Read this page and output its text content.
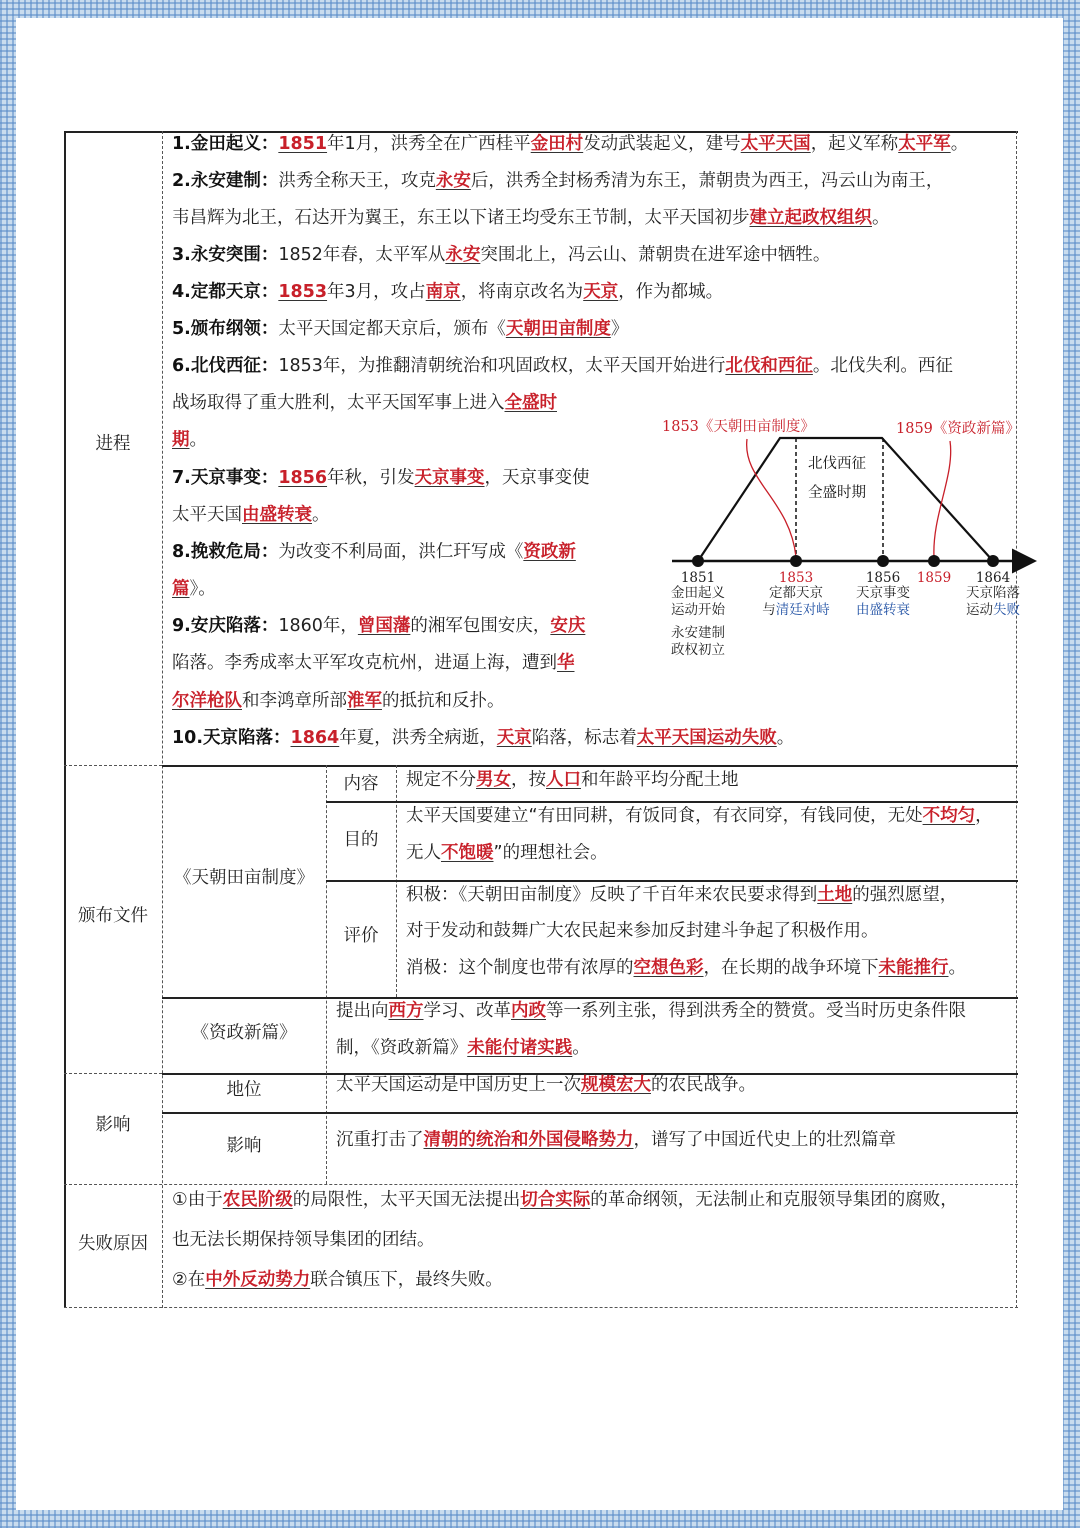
进程
颁布文件
影响
失败原因
1.金田起义：1851年1月，洪秀全在广西桂平金田村发动武装起义，建号太平天国，起义军称太平军。
2.永安建制：洪秀全称天王，攻克永安后，洪秀全封杨秀清为东王，萧朝贵为西王，冯云山为南王，
韦昌辉为北王，石达开为翼王，东王以下诸王均受东王节制，太平天国初步建立起政权组织。
3.永安突围：1852年春，太平军从永安突围北上，冯云山、萧朝贵在进军途中牺牲。
4.定都天京：1853年3月，攻占南京，将南京改名为天京，作为都城。
5.颁布纲领：太平天国定都天京后，颁布《天朝田亩制度》
6.北伐西征：1853年，为推翻清朝统治和巩固政权，太平天国开始进行北伐和西征。北伐失利。西征
战场取得了重大胜利，太平天国军事上进入全盛时
期。
7.天京事变：1856年秋，引发天京事变，天京事变使
太平天国由盛转衰。
8.挽救危局：为改变不利局面，洪仁玕写成《资政新
篇》。
9.安庆陷落：1860年，曾国藩的湘军包围安庆，安庆
陷落。李秀成率太平军攻克杭州，进逼上海，遭到华
尔洋枪队和李鸿章所部淮军的抵抗和反扑。
10.天京陷落：1864年夏，洪秀全病逝，天京陷落，标志着太平天国运动失败。
《天朝田亩制度》
《资政新篇》
内容
目的
评价
规定不分男女，按人口和年龄平均分配土地
太平天国要建立“有田同耕，有饭同食，有衣同穿，有钱同使，无处不均匀，
无人不饱暖”的理想社会。
积极：《天朝田亩制度》反映了千百年来农民要求得到土地的强烈愿望，
对于发动和鼓舞广大农民起来参加反封建斗争起了积极作用。
消极：这个制度也带有浓厚的空想色彩，在长期的战争环境下未能推行。
提出向西方学习、改革内政等一系列主张，得到洪秀全的赞赏。受当时历史条件限
制，《资政新篇》未能付诸实践。
地位
影响
太平天国运动是中国历史上一次规模宏大的农民战争。
沉重打击了清朝的统治和外国侵略势力，谱写了中国近代史上的壮烈篇章
①由于农民阶级的局限性，太平天国无法提出切合实际的革命纲领，无法制止和克服领导集团的腐败，
也无法长期保持领导集团的团结。
②在中外反动势力联合镇压下，最终失败。
1853《天朝田亩制度》	1859《资政新篇》
北伐西征
全盛时期
1851
金田起义
运动开始
永安建制
政权初立
1853
定都天京
与清廷对峙
1856
天京事变
由盛转衰
1859 1864
天京陷落
运动失败
